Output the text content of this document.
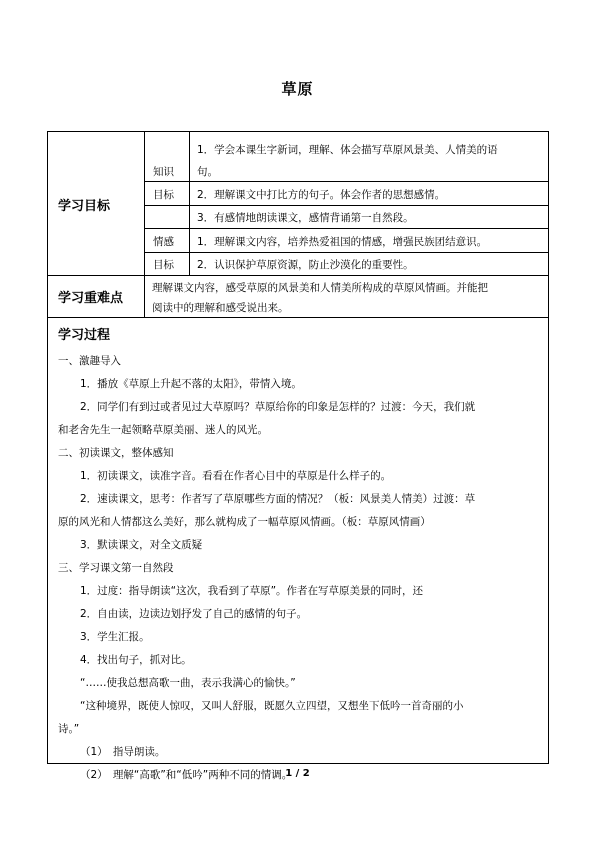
草原
学习目标
知识
目标
1．学会本课生字新词，理解、体会描写草原风景美、人情美的语
句。
2．理解课文中打比方的句子。体会作者的思想感情。
3．有感情地朗读课文，感情背诵第一自然段。
情感
目标
1．理解课文内容，培养热爱祖国的情感，增强民族团结意识。
2．认识保护草原资源，防止沙漠化的重要性。
学习重难点
理解课文内容，感受草原的风景美和人情美所构成的草原风情画。并能把
阅读中的理解和感受说出来。
学习过程
一、激趣导入
1．播放《草原上升起不落的太阳》，带情入境。
2．同学们有到过或者见过大草原吗？草原给你的印象是怎样的？过渡：今天，我们就
和老舍先生一起领略草原美丽、迷人的风光。
二、初读课文，整体感知
1．初读课文，读准字音。看看在作者心目中的草原是什么样子的。
2．速读课文，思考：作者写了草原哪些方面的情况？（板：风景美人情美）过渡：草
原的风光和人情都这么美好，那么就构成了一幅草原风情画。（板：草原风情画）
3．默读课文，对全文质疑
三、学习课文第一自然段
1．过度：指导朗读“这次，我看到了草原”。作者在写草原美景的同时，还
2．自由读，边读边划抒发了自己的感情的句子。
3．学生汇报。
4．找出句子，抓对比。
“……使我总想高歌一曲，表示我满心的愉快。”
“这种境界，既使人惊叹，又叫人舒服，既愿久立四望，又想坐下低吟一首奇丽的小
诗。”
（1）　指导朗读。
（2）　理解“高歌”和“低吟”两种不同的情调。
1 / 2
